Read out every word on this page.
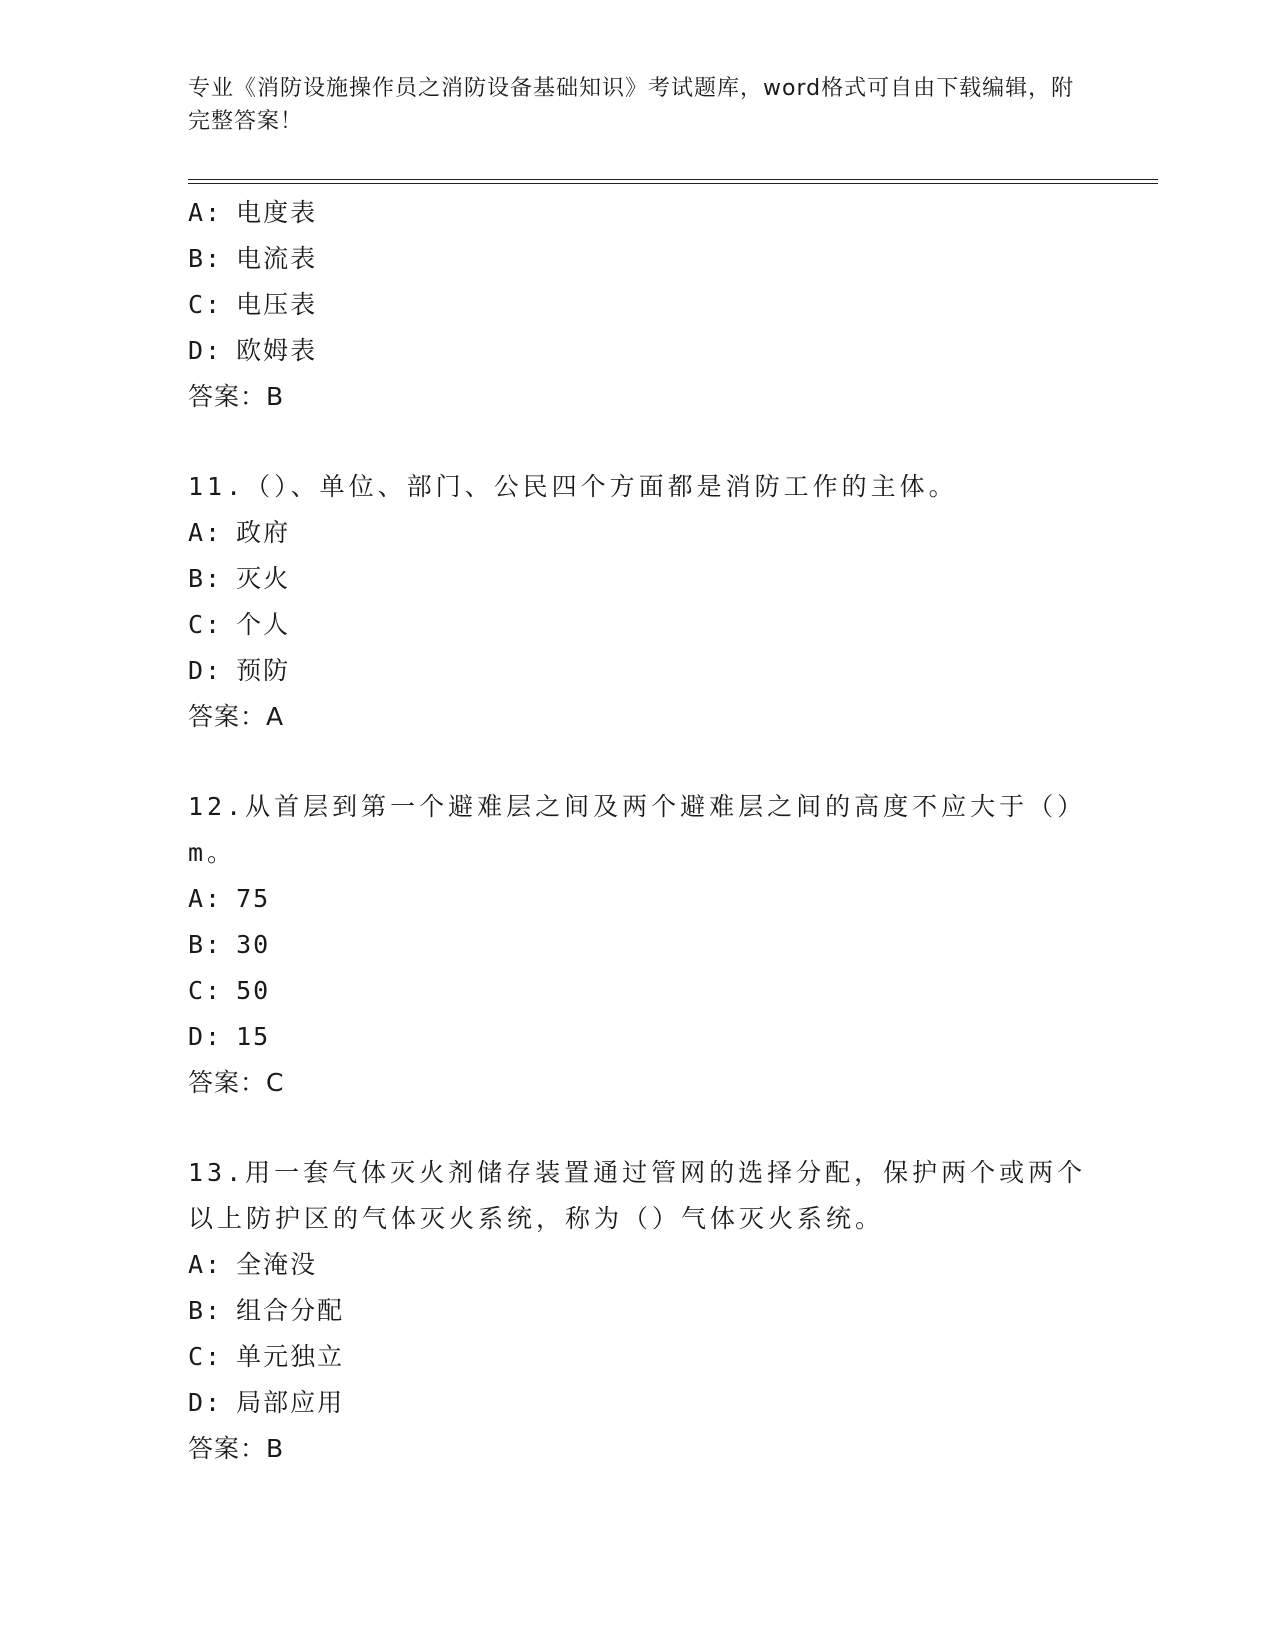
专业《消防设施操作员之消防设备基础知识》考试题库，word格式可自由下载编辑，附完整答案！
A: 电度表
B: 电流表
C: 电压表
D: 欧姆表
答案：B
11.（）、单位、部门、公民四个方面都是消防工作的主体。
A: 政府
B: 灭火
C: 个人
D: 预防
答案：A
12.从首层到第一个避难层之间及两个避难层之间的高度不应大于（）m。
A: 75
B: 30
C: 50
D: 15
答案：C
13.用一套气体灭火剂储存装置通过管网的选择分配，保护两个或两个以上防护区的气体灭火系统，称为（）气体灭火系统。
A: 全淹没
B: 组合分配
C: 单元独立
D: 局部应用
答案：B
